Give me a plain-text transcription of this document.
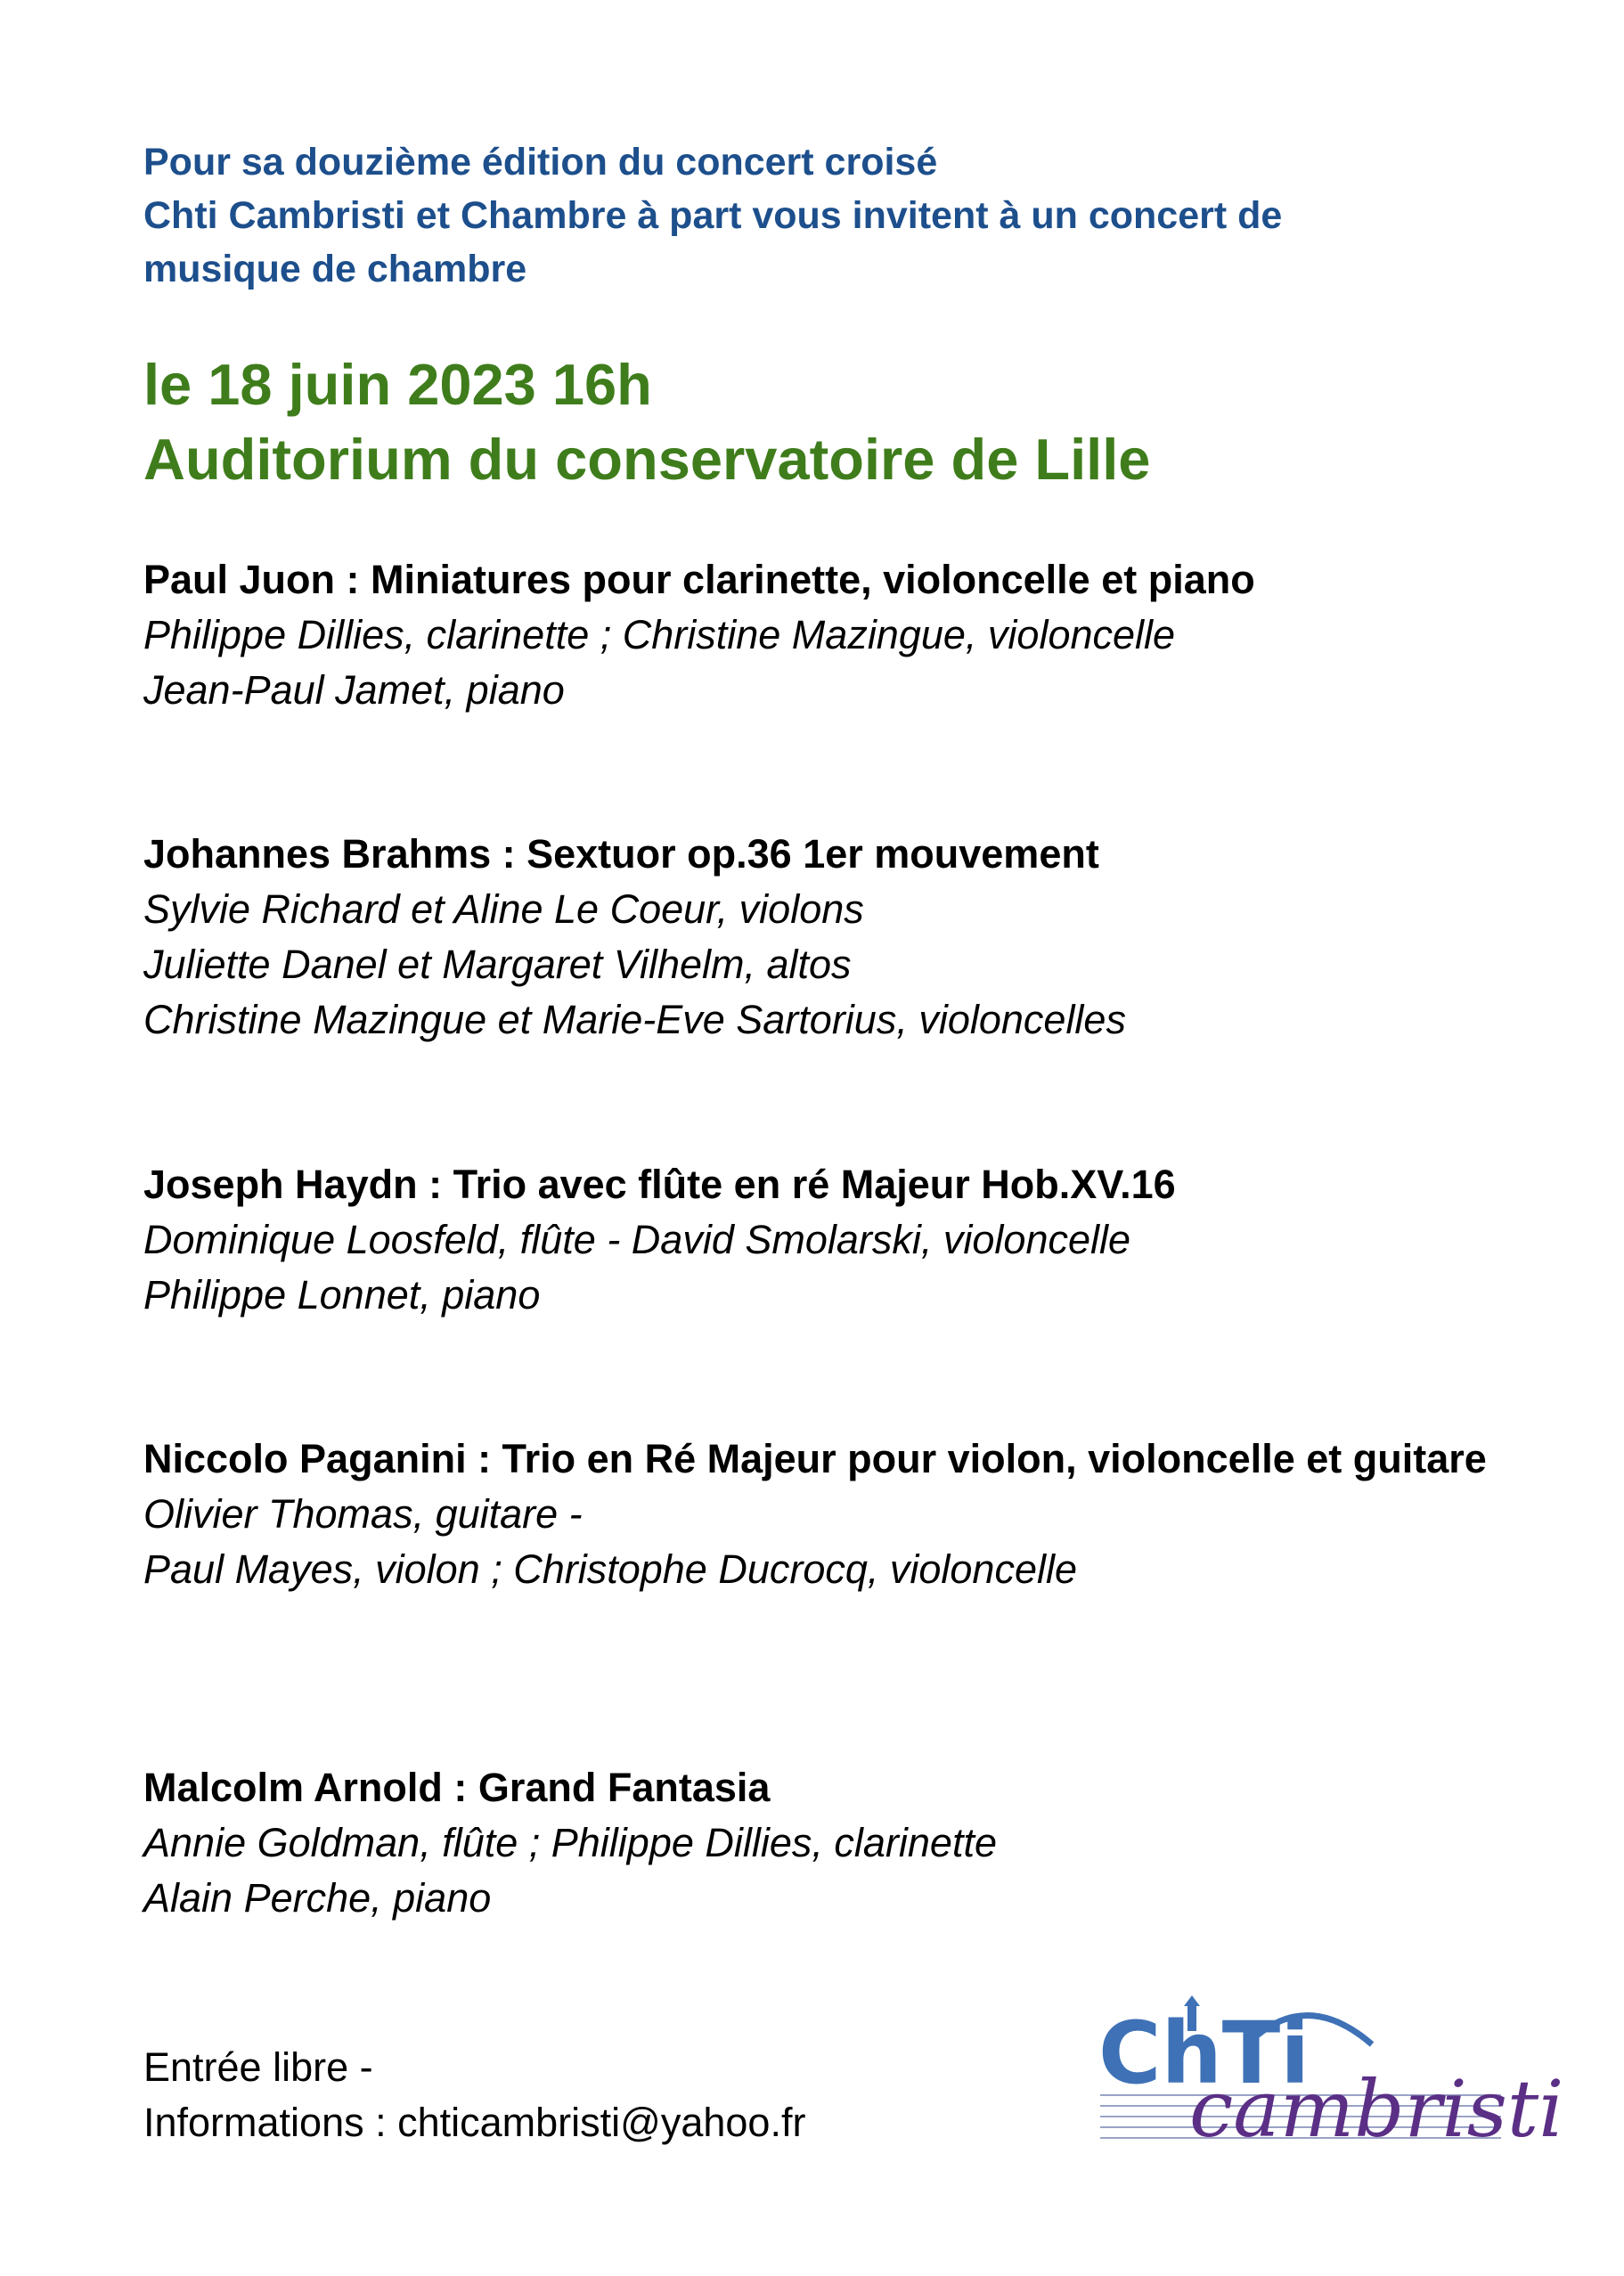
Pour sa douzième édition du concert croisé
Chti Cambristi et Chambre à part vous invitent à un concert de
musique de chambre
le 18 juin 2023 16h
Auditorium du conservatoire de Lille
Paul Juon : Miniatures pour clarinette, violoncelle et piano
Philippe Dillies, clarinette ; Christine Mazingue, violoncelle
Jean-Paul Jamet, piano
Johannes Brahms : Sextuor op.36 1er mouvement
Sylvie Richard et Aline Le Coeur, violons
Juliette Danel et Margaret Vilhelm, altos
Christine Mazingue et Marie-Eve Sartorius, violoncelles
Joseph Haydn : Trio avec flûte en ré Majeur Hob.XV.16
Dominique Loosfeld, flûte - David Smolarski, violoncelle
Philippe Lonnet, piano
Niccolo Paganini : Trio en Ré Majeur pour violon, violoncelle et guitare
Olivier Thomas, guitare -
Paul Mayes, violon ; Christophe Ducrocq, violoncelle
Malcolm Arnold : Grand Fantasia
Annie Goldman, flûte ; Philippe Dillies, clarinette
Alain Perche, piano
Entrée libre -
Informations : chticambristi@yahoo.fr
ChTi
cambristi
